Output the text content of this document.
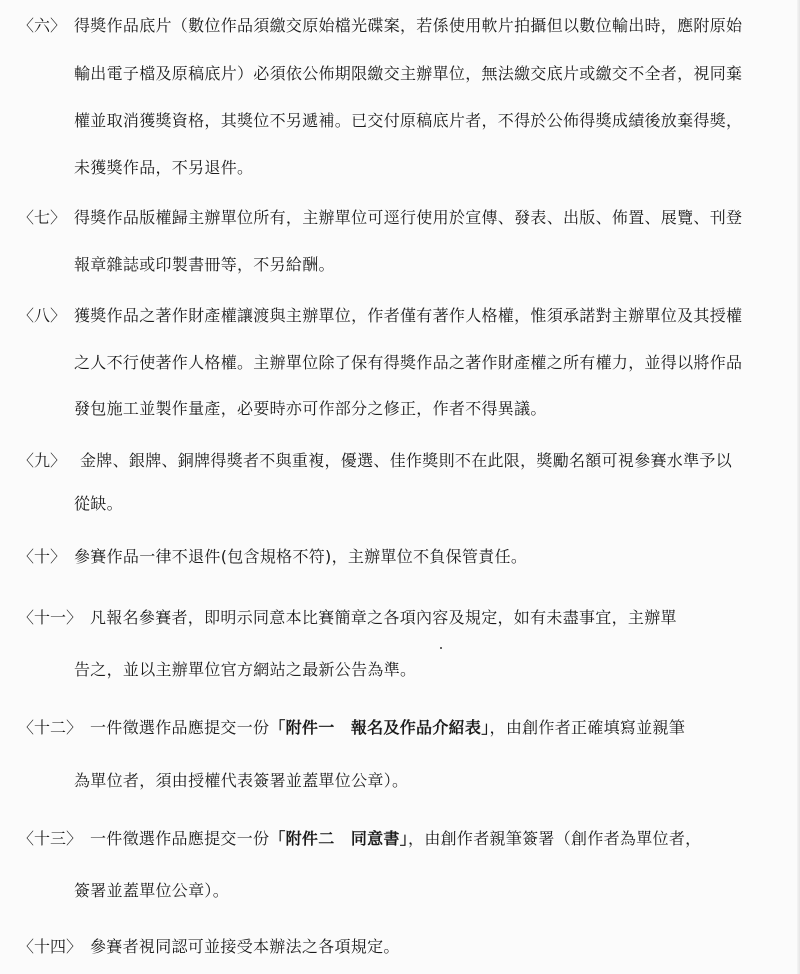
〈六〉 得獎作品底片（數位作品須繳交原始檔光碟案，若係使用軟片拍攝但以數位輸出時，應附原始
輸出電子檔及原稿底片）必須依公佈期限繳交主辦單位，無法繳交底片或繳交不全者，視同棄
權並取消獲獎資格，其獎位不另遞補。已交付原稿底片者，不得於公佈得獎成績後放棄得獎，
未獲獎作品，不另退件。
〈七〉 得獎作品版權歸主辦單位所有，主辦單位可逕行使用於宣傳、發表、出版、佈置、展覽、刊登
報章雜誌或印製書冊等，不另給酬。
〈八〉 獲獎作品之著作財產權讓渡與主辦單位，作者僅有著作人格權，惟須承諾對主辦單位及其授權
之人不行使著作人格權。主辦單位除了保有得獎作品之著作財產權之所有權力，並得以將作品
發包施工並製作量產，必要時亦可作部分之修正，作者不得異議。
〈九〉 金牌、銀牌、銅牌得獎者不與重複，優選、佳作獎則不在此限，獎勵名額可視參賽水準予以
從缺。
〈十〉 參賽作品一律不退件(包含規格不符)，主辦單位不負保管責任。
〈十一〉 凡報名參賽者，即明示同意本比賽簡章之各項內容及規定，如有未盡事宜，主辦單
告之，並以主辦單位官方網站之最新公告為準。
〈十二〉 一件徵選作品應提交一份「附件一　報名及作品介紹表」，由創作者正確填寫並親筆
為單位者，須由授權代表簽署並蓋單位公章）。
〈十三〉 一件徵選作品應提交一份「附件二　同意書」，由創作者親筆簽署（創作者為單位者，
簽署並蓋單位公章）。
〈十四〉 參賽者視同認可並接受本辦法之各項規定。
